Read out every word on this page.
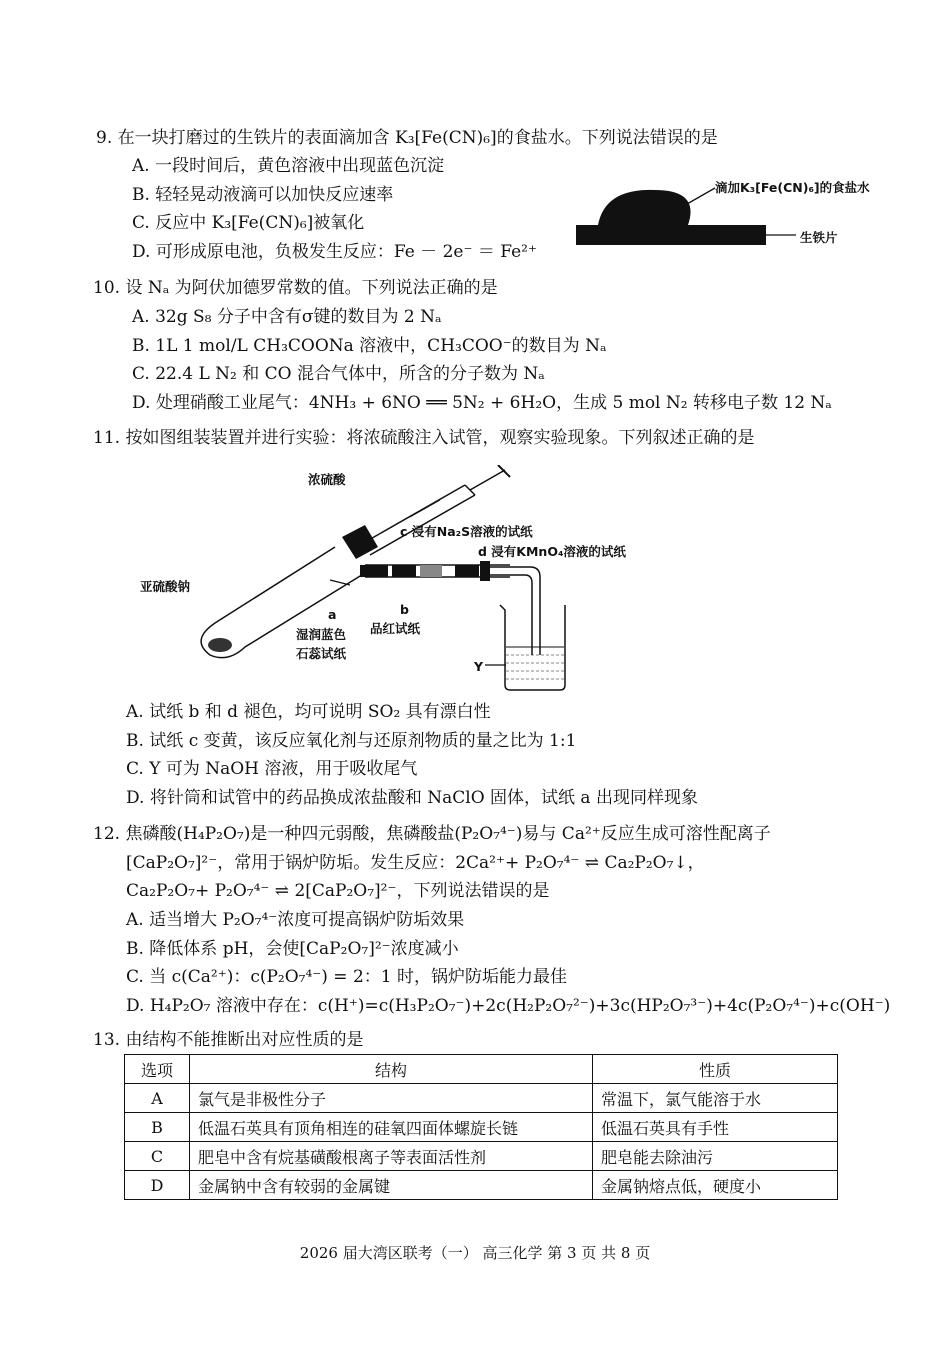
9. 在一块打磨过的生铁片的表面滴加含 K₃[Fe(CN)₆]的食盐水。下列说法错误的是
A. 一段时间后，黄色溶液中出现蓝色沉淀
B. 轻轻晃动液滴可以加快反应速率
C. 反应中 K₃[Fe(CN)₆]被氧化
D. 可形成原电池，负极发生反应：Fe － 2e⁻ ＝ Fe²⁺
滴加K₃[Fe(CN)₆]的食盐水
生铁片
10. 设 Nₐ 为阿伏加德罗常数的值。下列说法正确的是
A. 32g S₈ 分子中含有σ键的数目为 2 Nₐ
B. 1L 1 mol/L CH₃COONa 溶液中，CH₃COO⁻的数目为 Nₐ
C. 22.4 L N₂ 和 CO 混合气体中，所含的分子数为 Nₐ
D. 处理硝酸工业尾气：4NH₃ + 6NO ══ 5N₂ + 6H₂O，生成 5 mol N₂ 转移电子数 12 Nₐ
11. 按如图组装装置并进行实验：将浓硫酸注入试管，观察实验现象。下列叙述正确的是
浓硫酸
c 浸有Na₂S溶液的试纸
d 浸有KMnO₄溶液的试纸
亚硫酸钠
a
湿润蓝色
石蕊试纸
b
品红试纸
Y
A. 试纸 b 和 d 褪色，均可说明 SO₂ 具有漂白性
B. 试纸 c 变黄，该反应氧化剂与还原剂物质的量之比为 1:1
C. Y 可为 NaOH 溶液，用于吸收尾气
D. 将针筒和试管中的药品换成浓盐酸和 NaClO 固体，试纸 a 出现同样现象
12. 焦磷酸(H₄P₂O₇)是一种四元弱酸，焦磷酸盐(P₂O₇⁴⁻)易与 Ca²⁺反应生成可溶性配离子
[CaP₂O₇]²⁻，常用于锅炉防垢。发生反应：2Ca²⁺+ P₂O₇⁴⁻ ⇌ Ca₂P₂O₇↓，
Ca₂P₂O₇+ P₂O₇⁴⁻ ⇌ 2[CaP₂O₇]²⁻，下列说法错误的是
A. 适当增大 P₂O₇⁴⁻浓度可提高锅炉防垢效果
B. 降低体系 pH，会使[CaP₂O₇]²⁻浓度减小
C. 当 c(Ca²⁺)：c(P₂O₇⁴⁻) = 2：1 时，锅炉防垢能力最佳
D. H₄P₂O₇ 溶液中存在：c(H⁺)=c(H₃P₂O₇⁻)+2c(H₂P₂O₇²⁻)+3c(HP₂O₇³⁻)+4c(P₂O₇⁴⁻)+c(OH⁻)
13. 由结构不能推断出对应性质的是
选项	结构	性质
A	氯气是非极性分子	常温下，氯气能溶于水
B	低温石英具有顶角相连的硅氧四面体螺旋长链	低温石英具有手性
C	肥皂中含有烷基磺酸根离子等表面活性剂	肥皂能去除油污
D	金属钠中含有较弱的金属键	金属钠熔点低，硬度小
2026 届大湾区联考（一） 高三化学 第 3 页 共 8 页
